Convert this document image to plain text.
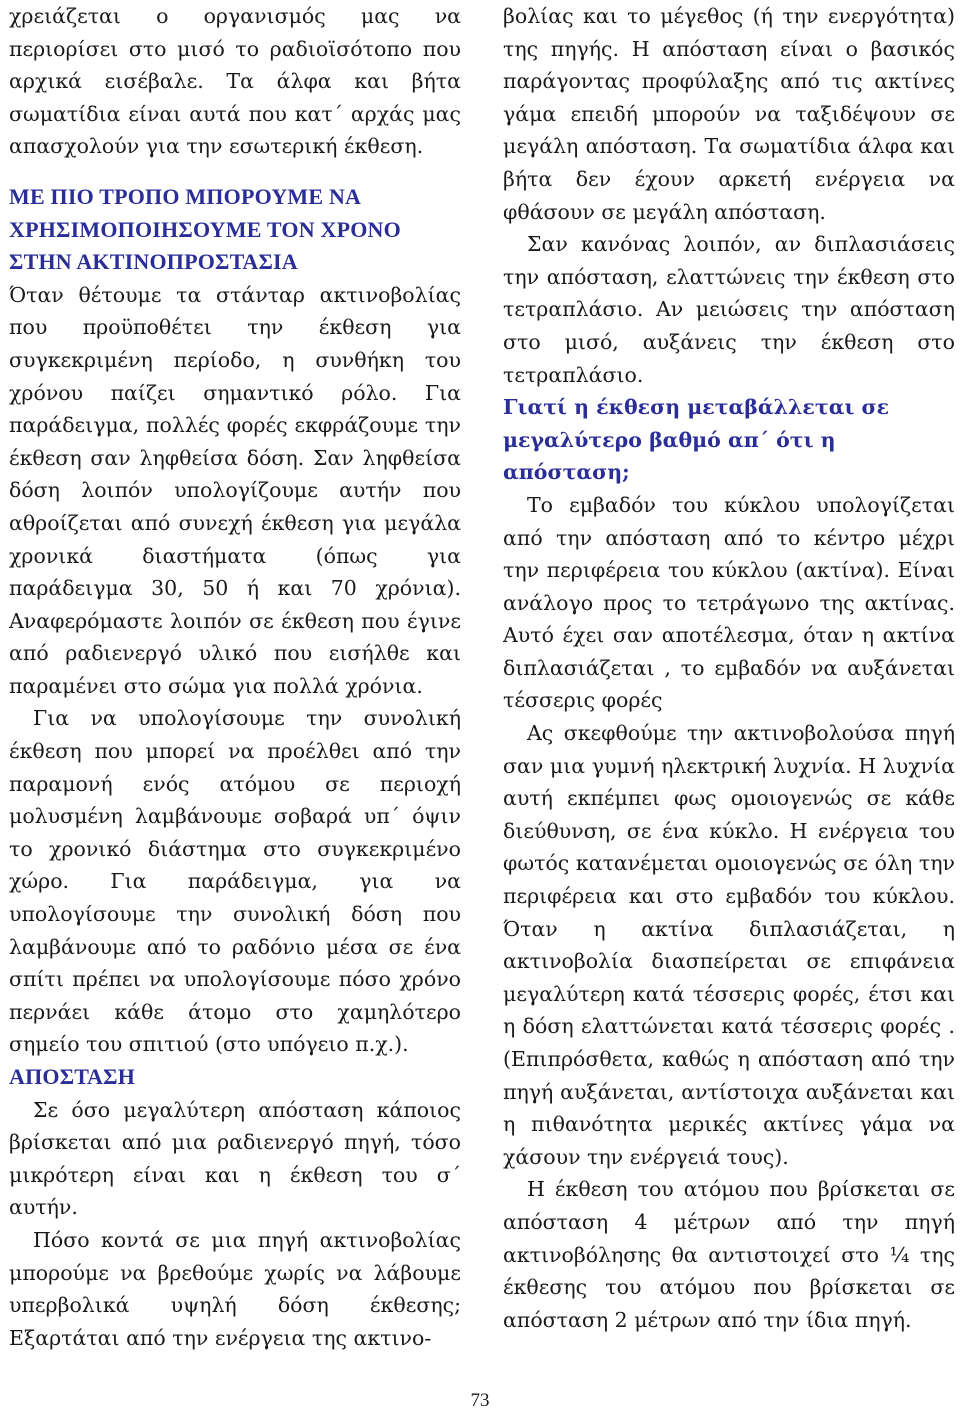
χρειάζεται ο οργανισμός μας να περιορίσει στο μισό το ραδιοϊσότοπο που αρχικά εισέβαλε. Τα άλφα και βήτα σωματίδια είναι αυτά που κατ΄ αρχάς μας απασχολούν για την εσωτερική έκθεση.

ΜΕ ΠΙΟ ΤΡΟΠΟ ΜΠΟΡΟΥΜΕ ΝΑ ΧΡΗΣΙΜΟΠΟΙΗΣΟΥΜΕ ΤΟΝ ΧΡΟΝΟ ΣΤΗΝ ΑΚΤΙΝΟΠΡΟΣΤΑΣΙΑ

Όταν θέτουμε τα στάνταρ ακτινοβολίας που προϋποθέτει την έκθεση για συγκεκριμένη περίοδο, η συνθήκη του χρόνου παίζει σημαντικό ρόλο. Για παράδειγμα, πολλές φορές εκφράζουμε την έκθεση σαν ληφθείσα δόση. Σαν ληφθείσα δόση λοιπόν υπολογίζουμε αυτήν που αθροίζεται από συνεχή έκθεση για μεγάλα χρονικά διαστήματα (όπως για παράδειγμα 30, 50 ή και 70 χρόνια). Αναφερόμαστε λοιπόν σε έκθεση που έγινε από ραδιενεργό υλικό που εισήλθε και παραμένει στο σώμα για πολλά χρόνια.

Για να υπολογίσουμε την συνολική έκθεση που μπορεί να προέλθει από την παραμονή ενός ατόμου σε περιοχή μολυσμένη λαμβάνουμε σοβαρά υπ΄ όψιν το χρονικό διάστημα στο συγκεκριμένο χώρο. Για παράδειγμα, για να υπολογίσουμε την συνολική δόση που λαμβάνουμε από το ραδόνιο μέσα σε ένα σπίτι πρέπει να υπολογίσουμε πόσο χρόνο περνάει κάθε άτομο στο χαμηλότερο σημείο του σπιτιού (στο υπόγειο π.χ.).

ΑΠΟΣΤΑΣΗ

Σε όσο μεγαλύτερη απόσταση κάποιος βρίσκεται από μια ραδιενεργό πηγή, τόσο μικρότερη είναι και η έκθεση του σ΄ αυτήν.

Πόσο κοντά σε μια πηγή ακτινοβολίας μπορούμε να βρεθούμε χωρίς να λάβουμε υπερβολικά υψηλή δόση έκθεσης; Εξαρτάται από την ενέργεια της ακτινο-

βολίας και το μέγεθος (ή την ενεργότητα) της πηγής. Η απόσταση είναι ο βασικός παράγοντας προφύλαξης από τις ακτίνες γάμα επειδή μπορούν να ταξιδέψουν σε μεγάλη απόσταση. Τα σωματίδια άλφα και βήτα δεν έχουν αρκετή ενέργεια να φθάσουν σε μεγάλη απόσταση.

Σαν κανόνας λοιπόν, αν διπλασιάσεις την απόσταση, ελαττώνεις την έκθεση στο τετραπλάσιο. Αν μειώσεις την απόσταση στο μισό, αυξάνεις την έκθεση στο τετραπλάσιο.

Γιατί η έκθεση μεταβάλλεται σε μεγαλύτερο βαθμό απ΄ ότι η απόσταση;

Το εμβαδόν του κύκλου υπολογίζεται από την απόσταση από το κέντρο μέχρι την περιφέρεια του κύκλου (ακτίνα). Είναι ανάλογο προς το τετράγωνο της ακτίνας. Αυτό έχει σαν αποτέλεσμα, όταν η ακτίνα διπλασιάζεται , το εμβαδόν να αυξάνεται τέσσερις φορές

Ας σκεφθούμε την ακτινοβολούσα πηγή σαν μια γυμνή ηλεκτρική λυχνία. Η λυχνία αυτή εκπέμπει φως ομοιογενώς σε κάθε διεύθυνση, σε ένα κύκλο. Η ενέργεια του φωτός κατανέμεται ομοιογενώς σε όλη την περιφέρεια και στο εμβαδόν του κύκλου. Όταν η ακτίνα διπλασιάζεται, η ακτινοβολία διασπείρεται σε επιφάνεια μεγαλύτερη κατά τέσσερις φορές, έτσι και η δόση ελαττώνεται κατά τέσσερις φορές . (Επιπρόσθετα, καθώς η απόσταση από την πηγή αυξάνεται, αντίστοιχα αυξάνεται και η πιθανότητα μερικές ακτίνες γάμα να χάσουν την ενέργειά τους).

Η έκθεση του ατόμου που βρίσκεται σε απόσταση 4 μέτρων από την πηγή ακτινοβόλησης θα αντιστοιχεί στο ¼ της έκθεσης του ατόμου που βρίσκεται σε απόσταση 2 μέτρων από την ίδια πηγή.

73
